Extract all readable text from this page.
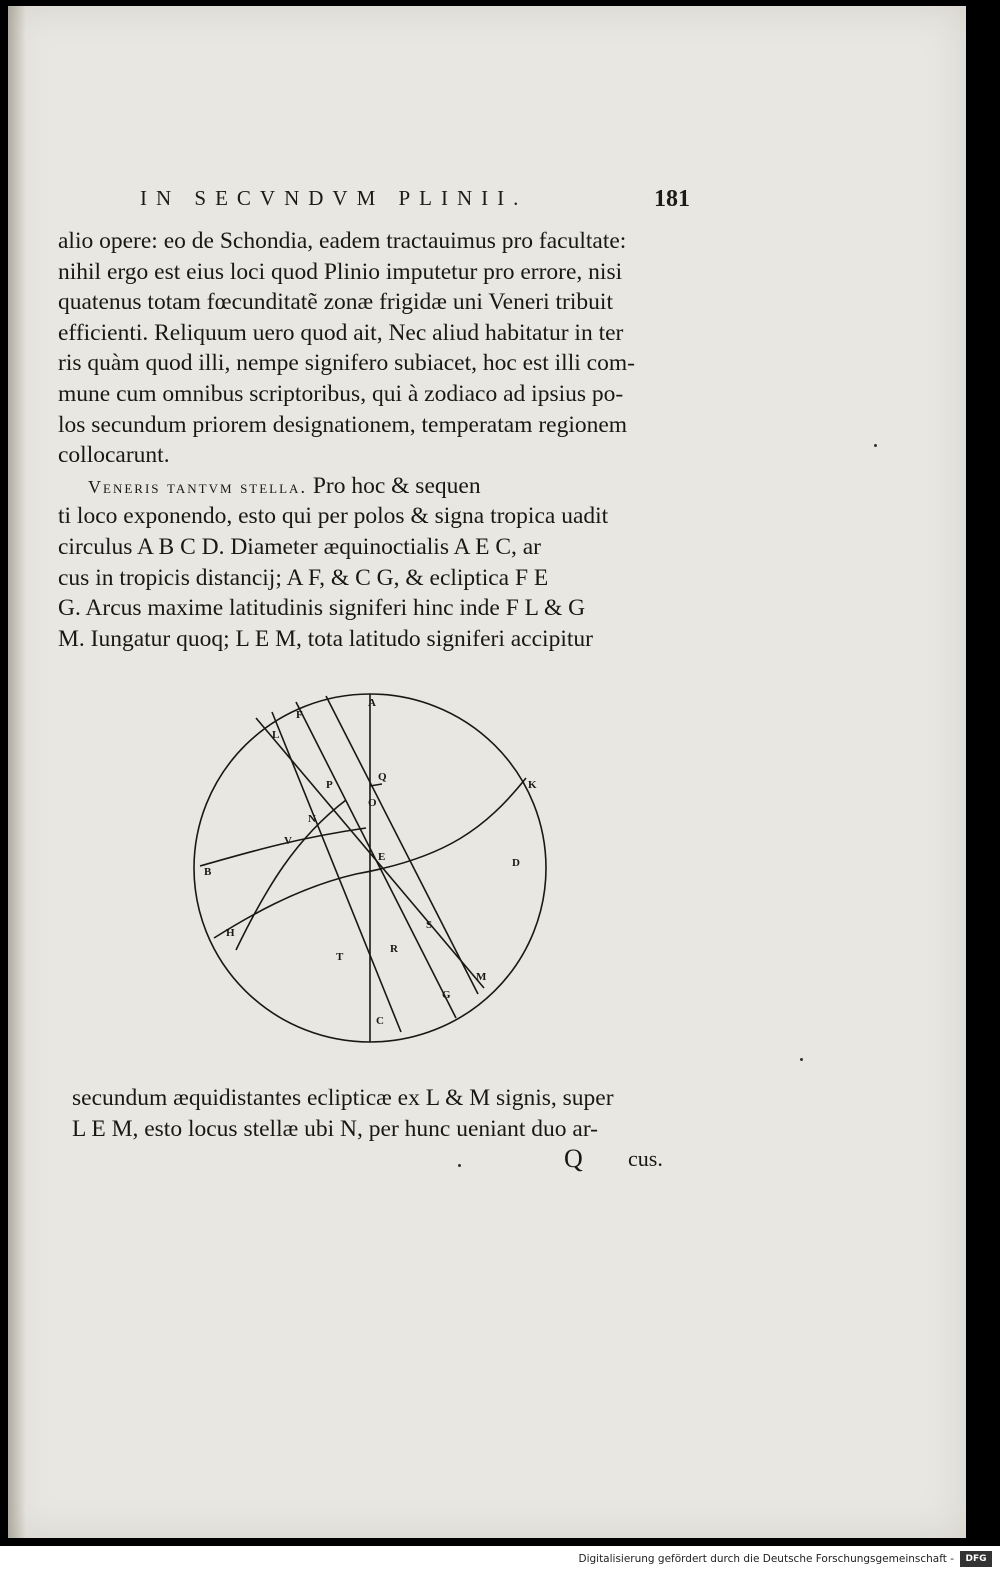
IN SECVNDVM PLINII.	181
alio opere: eo de Schondia, eadem tractauimus pro facultate:
nihil ergo est eius loci quod Plinio imputetur pro errore, nisi
quatenus totam fœcunditatẽ zonæ frigidæ uni Veneri tribuit
efficienti. Reliquum uero quod ait, Nec aliud habitatur in ter
ris quàm quod illi, nempe signifero subiacet, hoc est illi com-
mune cum omnibus scriptoribus, qui à zodiaco ad ipsius po-
los secundum priorem designationem, temperatam regionem
collocarunt.
Veneris tantvm stella. Pro hoc & sequen
ti loco exponendo, esto qui per polos & signa tropica uadit
circulus A B C D. Diameter æquinoctialis A E C, ar
cus in tropicis distancij; A F, & C G, & ecliptica F E
G. Arcus maxime latitudinis signiferi hinc inde F L & G
M. Iungatur quoq; L E M, tota latitudo signiferi accipitur
A
F
L
K
Q
P
O
N
V
B
E	D
S
H
T
R
M
G
C
secundum æquidistantes eclipticæ ex L & M signis, super
L E M, esto locus stellæ ubi N, per hunc ueniant duo ar-
Q cus.
Digitalisierung gefördert durch die Deutsche Forschungsgemeinschaft -	DFG
